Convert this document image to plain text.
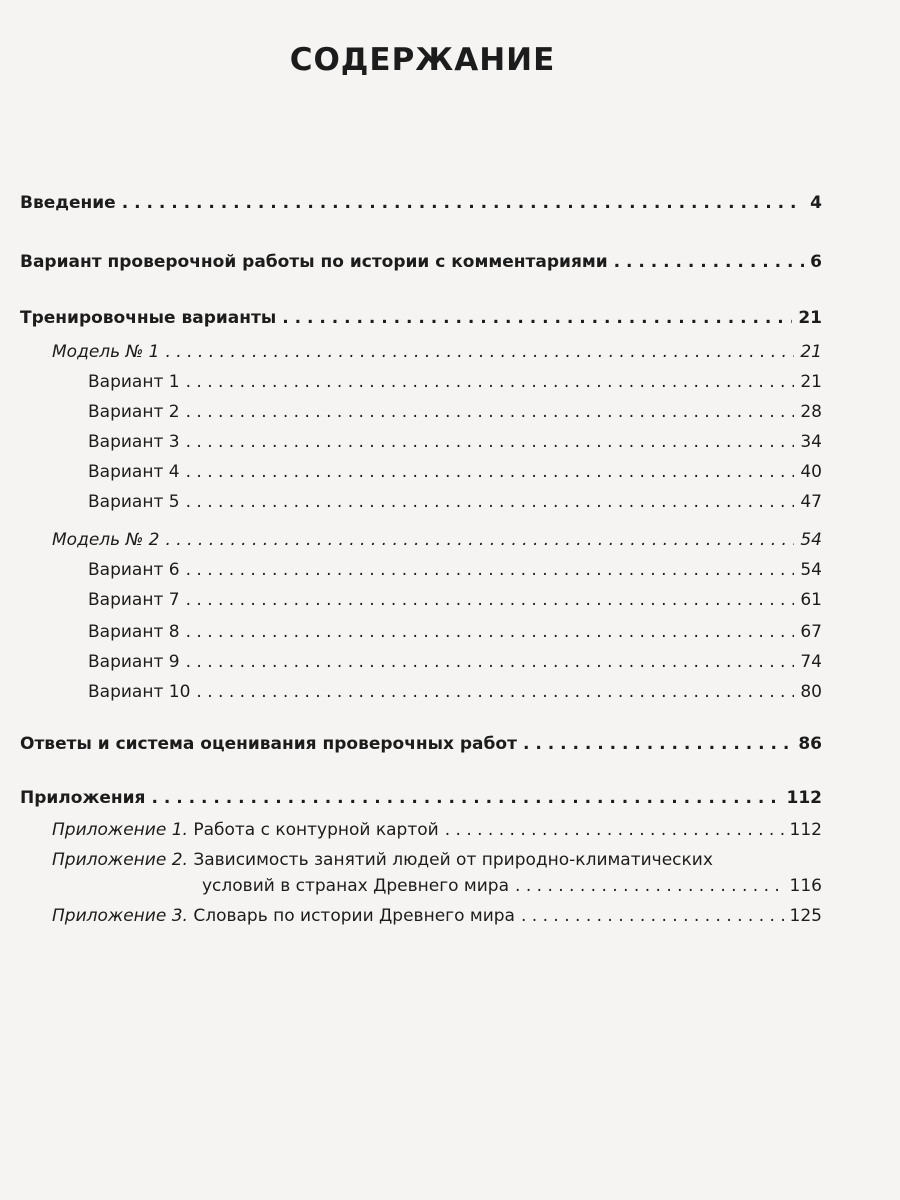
СОДЕРЖАНИЕ
Введение . . .	4
Вариант проверочной работы по истории с комментариями . . .	6
Тренировочные варианты . . .	21
Модель № 1 . . .	21
Вариант 1 . . .	21
Вариант 2 . . .	28
Вариант 3 . . .	34
Вариант 4 . . .	40
Вариант 5 . . .	47
Модель № 2 . . .	54
Вариант 6 . . .	54
Вариант 7 . . .	61
Вариант 8 . . .	67
Вариант 9 . . .	74
Вариант 10 . . .	80
Ответы и система оценивания проверочных работ . . .	86
Приложения . . .	112
Приложение 1. Работа с контурной картой . . .	112
Приложение 2. Зависимость занятий людей от природно-климатических
условий в странах Древнего мира . . .	116
Приложение 3. Словарь по истории Древнего мира . . .	125
